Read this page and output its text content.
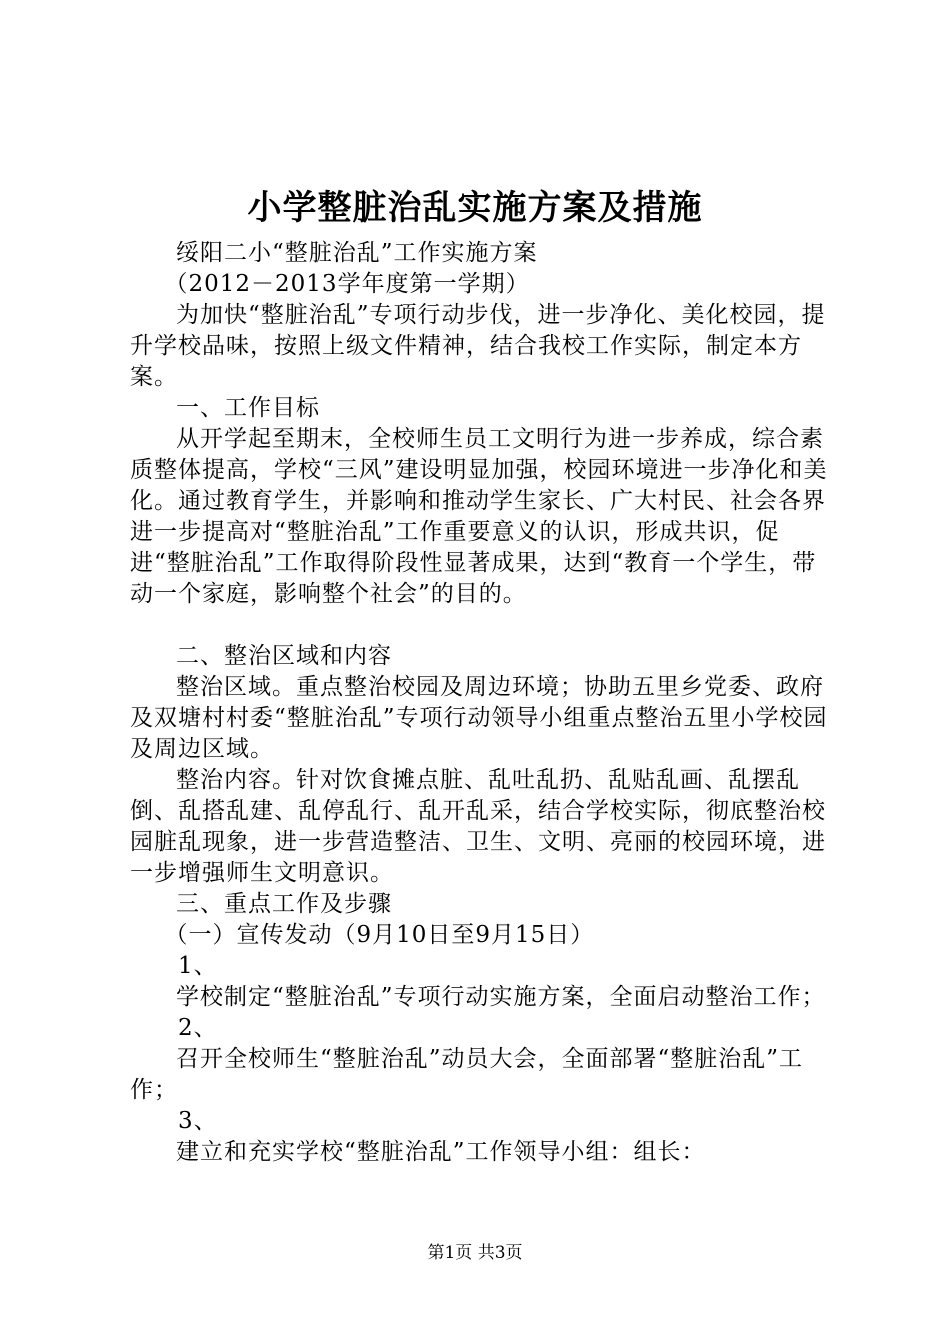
小学整脏治乱实施方案及措施

绥阳二小“整脏治乱”工作实施方案

（2012－2013学年度第一学期）

为加快“整脏治乱”专项行动步伐，进一步净化、美化校园，提升学校品味，按照上级文件精神，结合我校工作实际，制定本方案。

一、工作目标

从开学起至期末，全校师生员工文明行为进一步养成，综合素质整体提高，学校“三风”建设明显加强，校园环境进一步净化和美化。通过教育学生，并影响和推动学生家长、广大村民、社会各界进一步提高对“整脏治乱”工作重要意义的认识，形成共识，促进“整脏治乱”工作取得阶段性显著成果，达到“教育一个学生，带动一个家庭，影响整个社会”的目的。

二、整治区域和内容

整治区域。重点整治校园及周边环境；协助五里乡党委、政府及双塘村村委“整脏治乱”专项行动领导小组重点整治五里小学校园及周边区域。

整治内容。针对饮食摊点脏、乱吐乱扔、乱贴乱画、乱摆乱倒、乱搭乱建、乱停乱行、乱开乱采，结合学校实际，彻底整治校园脏乱现象，进一步营造整洁、卫生、文明、亮丽的校园环境，进一步增强师生文明意识。

三、重点工作及步骤

（一）宣传发动（9月10日至9月15日）

1、

学校制定“整脏治乱”专项行动实施方案，全面启动整治工作；

2、

召开全校师生“整脏治乱”动员大会，全面部署“整脏治乱”工作；

3、

建立和充实学校“整脏治乱”工作领导小组：组长：

第1页 共3页
